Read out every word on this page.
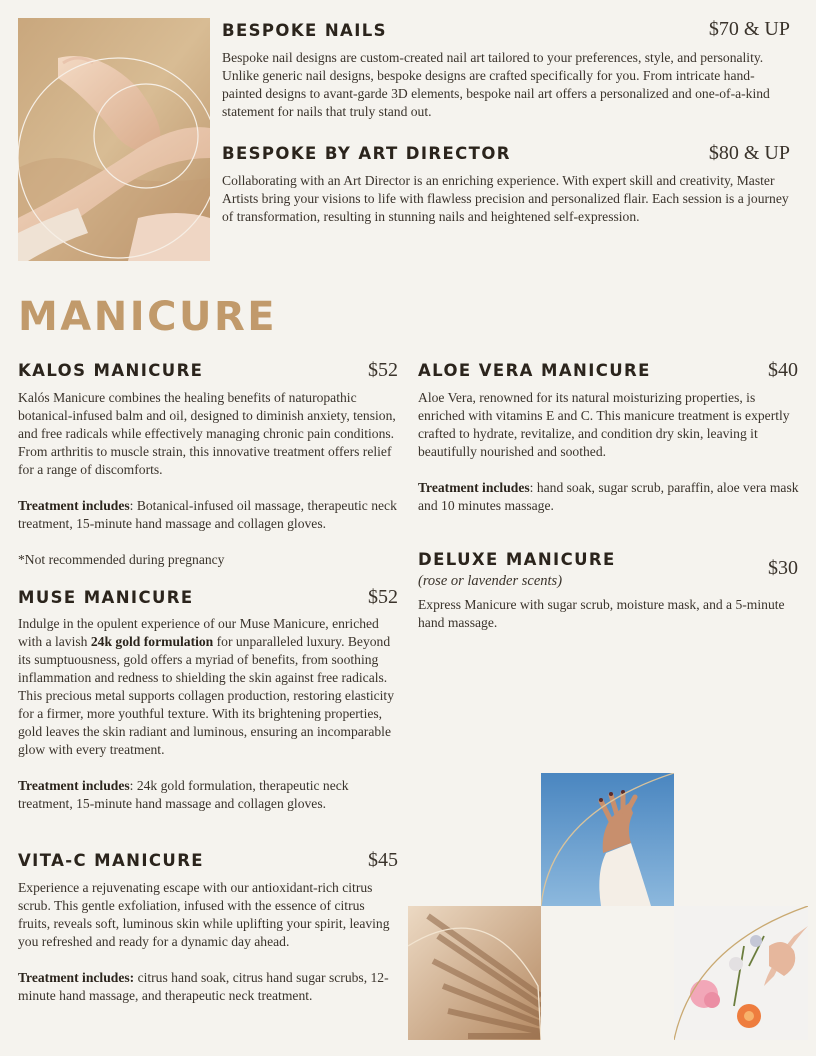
BESPOKE NAILS	$70 & UP

Bespoke nail designs are custom-created nail art tailored to your preferences, style, and personality. Unlike generic nail designs, bespoke designs are crafted specifically for you. From intricate hand-painted designs to avant-garde 3D elements, bespoke nail art offers a personalized and one-of-a-kind statement for nails that truly stand out.

BESPOKE BY ART DIRECTOR	$80 & UP

Collaborating with an Art Director is an enriching experience. With expert skill and creativity, Master Artists bring your visions to life with flawless precision and personalized flair. Each session is a journey of transformation, resulting in stunning nails and heightened self-expression.

MANICURE
KALOS MANICURE	$52

Kalós Manicure combines the healing benefits of naturopathic botanical-infused balm and oil, designed to diminish anxiety, tension, and free radicals while effectively managing chronic pain conditions. From arthritis to muscle strain, this innovative treatment offers relief for a range of discomforts.

Treatment includes: Botanical-infused oil massage, therapeutic neck treatment, 15-minute hand massage and collagen gloves.

*Not recommended during pregnancy

MUSE MANICURE	$52

Indulge in the opulent experience of our Muse Manicure, enriched with a lavish 24k gold formulation for unparalleled luxury. Beyond its sumptuousness, gold offers a myriad of benefits, from soothing inflammation and redness to shielding the skin against free radicals. This precious metal supports collagen production, restoring elasticity for a firmer, more youthful texture. With its brightening properties, gold leaves the skin radiant and luminous, ensuring an incomparable glow with every treatment.

Treatment includes: 24k gold formulation, therapeutic neck treatment, 15-minute hand massage and collagen gloves.

VITA-C MANICURE	$45

Experience a rejuvenating escape with our antioxidant-rich citrus scrub. This gentle exfoliation, infused with the essence of citrus fruits, reveals soft, luminous skin while uplifting your spirit, leaving you refreshed and ready for a dynamic day ahead.

Treatment includes: citrus hand soak, citrus hand sugar scrubs, 12-minute hand massage, and therapeutic neck treatment.

ALOE VERA MANICURE	$40

Aloe Vera, renowned for its natural moisturizing properties, is enriched with vitamins E and C. This manicure treatment is expertly crafted to hydrate, revitalize, and condition dry skin, leaving it beautifully nourished and soothed.

Treatment includes: hand soak, sugar scrub, paraffin, aloe vera mask and 10 minutes massage.

DELUXE MANICURE
(rose or lavender scents)
$30

Express Manicure with sugar scrub, moisture mask, and a 5-minute hand massage.
